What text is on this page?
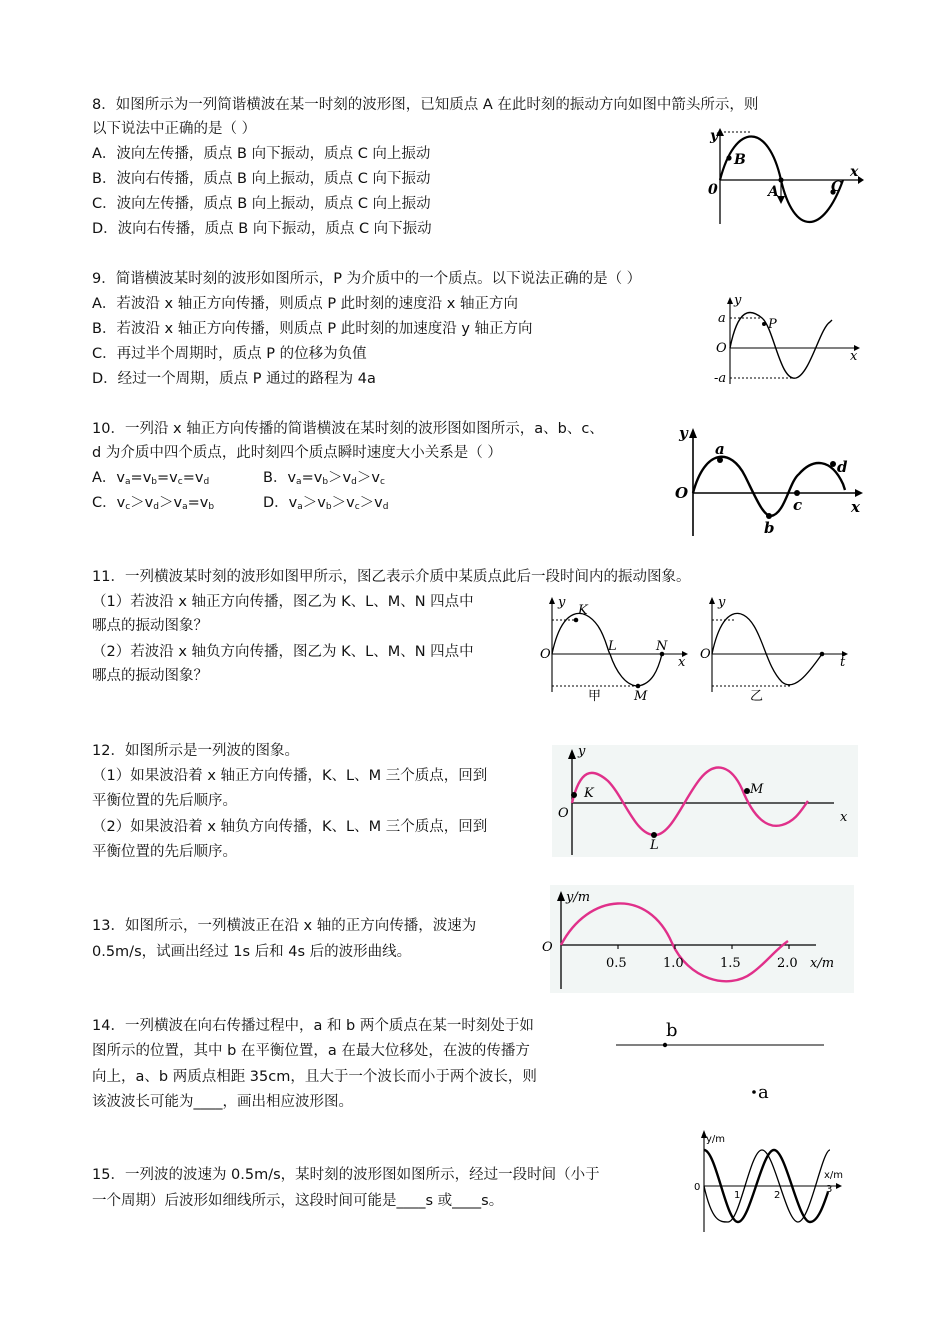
8．如图所示为一列简谐横波在某一时刻的波形图，已知质点 A 在此时刻的振动方向如图中箭头所示，则
以下说法中正确的是（ ）
A．波向左传播，质点 B 向下振动，质点 C 向上振动
B．波向右传播，质点 B 向上振动，质点 C 向下振动
C．波向左传播，质点 B 向上振动，质点 C 向上振动
D．波向右传播，质点 B 向下振动，质点 C 向下振动
y
0
x
B
A	C
9．简谐横波某时刻的波形如图所示，P 为介质中的一个质点。以下说法正确的是（ ）
A．若波沿 x 轴正方向传播，则质点 P 此时刻的速度沿 x 轴正方向
B．若波沿 x 轴正方向传播，则质点 P 此时刻的加速度沿 y 轴正方向
C．再过半个周期时，质点 P 的位移为负值
D．经过一个周期，质点 P 通过的路程为 4a
y
a	P
O
x
-a
10．一列沿 x 轴正方向传播的简谐横波在某时刻的波形图如图所示，a、b、c、
d 为介质中四个质点，此时刻四个质点瞬时速度大小关系是（ ）
A．$v_a=v_b=v_c=v_d$	B．$v_a=v_b>v_d>v_c$
C．$v_c>v_d>v_a=v_b$	D．$v_a>v_b>v_c>v_d$
y
O
x
a
b
c
d
11．一列横波某时刻的波形如图甲所示，图乙表示介质中某质点此后一段时间内的振动图象。
（1）若波沿 x 轴正方向传播，图乙为 K、L、M、N 四点中
哪点的振动图象？
（2）若波沿 x 轴负方向传播，图乙为 K、L、M、N 四点中
哪点的振动图象？
y
K
L	N
O
x
M
甲
y
O
t
乙
12．如图所示是一列波的图象。
（1）如果波沿着 x 轴正方向传播，K、L、M 三个质点，回到
平衡位置的先后顺序。
（2）如果波沿着 x 轴负方向传播，K、L、M 三个质点，回到
平衡位置的先后顺序。
y
O
K	M
L
x
13．如图所示，一列横波正在沿 x 轴的正方向传播，波速为
0.5m/s，试画出经过 1s 后和 4s 后的波形曲线。
y/m
O
0.5	1.0	1.5	2.0 x/m
14．一列横波在向右传播过程中，a 和 b 两个质点在某一时刻处于如
图所示的位置，其中 b 在平衡位置，a 在最大位移处，在波的传播方
向上，a、b 两质点相距 35cm，且大于一个波长而小于两个波长，则
该波波长可能为____，画出相应波形图。
b
a
15．一列波的波速为 0.5m/s，某时刻的波形图如图所示，经过一段时间（小于
一个周期）后波形如细线所示，这段时间可能是____s 或____s。
y/m
0
x/m
1	2
3
